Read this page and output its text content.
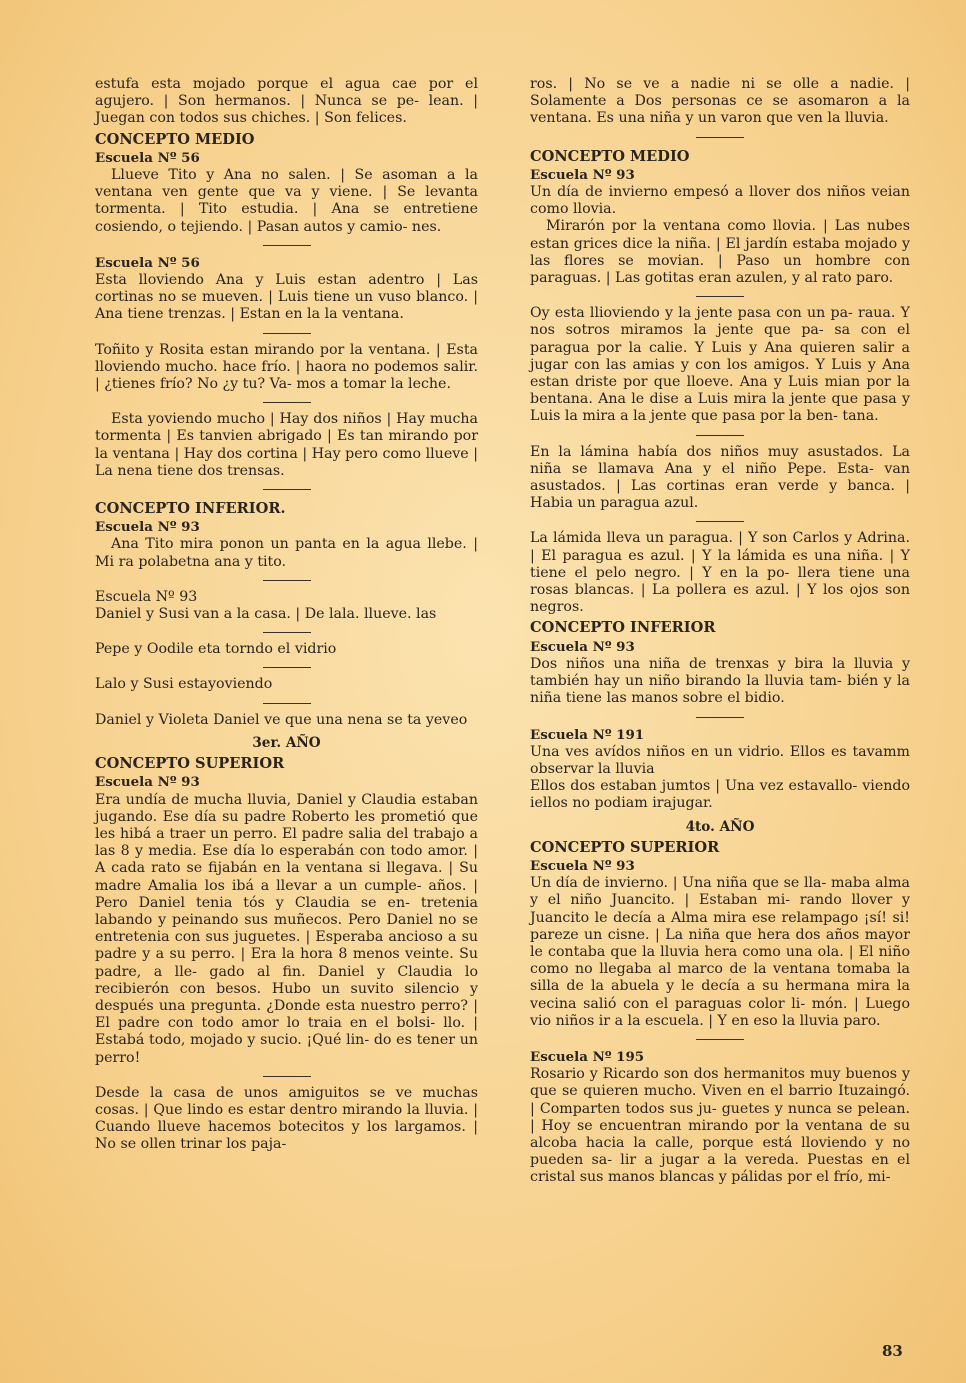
estufa esta mojado porque el agua cae por el agujero. | Son hermanos. | Nunca se pe- lean. | Juegan con todos sus chiches. | Son felices.

CONCEPTO MEDIO

Escuela Nº 56

Llueve Tito y Ana no salen. | Se asoman a la ventana ven gente que va y viene. | Se levanta tormenta. | Tito estudia. | Ana se entretiene cosiendo, o tejiendo. | Pasan autos y camio- nes.

Escuela Nº 56

Esta lloviendo Ana y Luis estan adentro | Las cortinas no se mueven. | Luis tiene un vuso blanco. | Ana tiene trenzas. | Estan en la la ventana.

Toñito y Rosita estan mirando por la ventana. | Esta lloviendo mucho. hace frío. | haora no podemos salir. | ¿tienes frío? No ¿y tu? Va- mos a tomar la leche.

Esta yoviendo mucho | Hay dos niños | Hay mucha tormenta | Es tanvien abrigado | Es tan mirando por la ventana | Hay dos cortina | Hay pero como llueve | La nena tiene dos trensas.

CONCEPTO INFERIOR.

Escuela Nº 93

Ana Tito mira ponon un panta en la agua llebe. | Mi ra polabetna ana y tito.

Escuela Nº 93

Daniel y Susi van a la casa. | De lala. llueve. las

Pepe y Oodile eta torndo el vidrio

Lalo y Susi estayoviendo

Daniel y Violeta Daniel ve que una nena se ta yeveo

3er. AÑO

CONCEPTO SUPERIOR

Escuela Nº 93

Era undía de mucha lluvia, Daniel y Claudia estaban jugando. Ese día su padre Roberto les prometió que les hibá a traer un perro. El padre salia del trabajo a las 8 y media. Ese día lo esperabán con todo amor. | A cada rato se fijabán en la ventana si llegava. | Su madre Amalia los ibá a llevar a un cumple- años. | Pero Daniel tenia tós y Claudia se en- tretenia labando y peinando sus muñecos. Pero Daniel no se entretenia con sus juguetes. | Esperaba ancioso a su padre y a su perro. | Era la hora 8 menos veinte. Su padre, a lle- gado al fin. Daniel y Claudia lo recibierón con besos. Hubo un suvito silencio y después una pregunta. ¿Donde esta nuestro perro? | El padre con todo amor lo traia en el bolsi- llo. | Estabá todo, mojado y sucio. ¡Qué lin- do es tener un perro!

Desde la casa de unos amiguitos se ve muchas cosas. | Que lindo es estar dentro mirando la lluvia. | Cuando llueve hacemos botecitos y los largamos. | No se ollen trinar los paja-

ros. | No se ve a nadie ni se olle a nadie. | Solamente a Dos personas ce se asomaron a la ventana. Es una niña y un varon que ven la lluvia.

CONCEPTO MEDIO

Escuela Nº 93

Un día de invierno empesó a llover dos niños veian como llovia.

Mirarón por la ventana como llovia. | Las nubes estan grices dice la niña. | El jardín estaba mojado y las flores se movian. | Paso un hombre con paraguas. | Las gotitas eran azulen, y al rato paro.

Oy esta llioviendo y la jente pasa con un pa- raua. Y nos sotros miramos la jente que pa- sa con el paragua por la calie. Y Luis y Ana quieren salir a jugar con las amias y con los amigos. Y Luis y Ana estan driste por que lloeve. Ana y Luis mian por la bentana. Ana le dise a Luis mira la jente que pasa y Luis la mira a la jente que pasa por la ben- tana.

En la lámina había dos niños muy asustados. La niña se llamava Ana y el niño Pepe. Esta- van asustados. | Las cortinas eran verde y banca. | Habia un paragua azul.

La lámida lleva un paragua. | Y son Carlos y Adrina. | El paragua es azul. | Y la lámida es una niña. | Y tiene el pelo negro. | Y en la po- llera tiene una rosas blancas. | La pollera es azul. | Y los ojos son negros.

CONCEPTO INFERIOR

Escuela Nº 93

Dos niños una niña de trenxas y bira la lluvia y también hay un niño birando la lluvia tam- bién y la niña tiene las manos sobre el bidio.

Escuela Nº 191

Una ves avídos niños en un vidrio. Ellos es tavamm observar la lluvia

Ellos dos estaban jumtos | Una vez estavallo- viendo iellos no podiam irajugar.

4to. AÑO

CONCEPTO SUPERIOR

Escuela Nº 93

Un día de invierno. | Una niña que se lla- maba alma y el niño Juancito. | Estaban mi- rando llover y Juancito le decía a Alma mira ese relampago ¡sí! si! pareze un cisne. | La niña que hera dos años mayor le contaba que la lluvia hera como una ola. | El niño como no llegaba al marco de la ventana tomaba la silla de la abuela y le decía a su hermana mira la vecina salió con el paraguas color li- món. | Luego vio niños ir a la escuela. | Y en eso la lluvia paro.

Escuela Nº 195

Rosario y Ricardo son dos hermanitos muy buenos y que se quieren mucho. Viven en el barrio Ituzaingó. | Comparten todos sus ju- guetes y nunca se pelean. | Hoy se encuentran mirando por la ventana de su alcoba hacia la calle, porque está lloviendo y no pueden sa- lir a jugar a la vereda. Puestas en el cristal sus manos blancas y pálidas por el frío, mi-

83
